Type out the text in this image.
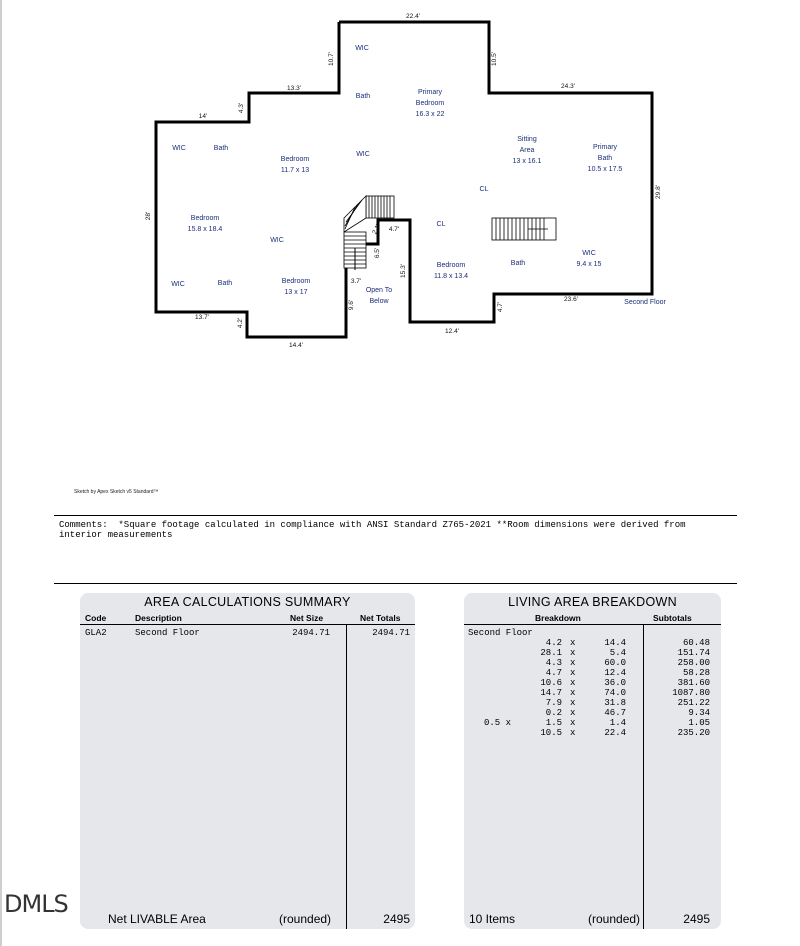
WIC
Bath
Primary
Bedroom
16.3 x 22
WIC	Bath
Bedroom
11.7 x 13
WIC
Sitting
Area
13 x 16.1
Primary
Bath
10.5 x 17.5
CL
Bedroom
15.8 x 18.4
WIC
CL
Bedroom
11.8 x 13.4
Bath
WIC
9.4 x 15
WIC	Bath	Bedroom
13 x 17	Open To
Below	Second Floor
22.4'
10.7'	10.5'
13.3'
4.3'
24.3'
14'
28'
29.8'
2.1' 4.7'
6.5'
15.3'
3.7'
9.6'
13.7'
4.2'
14.4'
12.4'
4.7'
23.6'
Sketch by Apex Sketch v5 Standard™
Comments:  *Square footage calculated in compliance with ANSI Standard Z765-2021 **Room dimensions were derived from
interior measurements
AREA CALCULATIONS SUMMARY
Code	Description	Net Size	Net Totals
GLA2	Second Floor	2494.71	2494.71
Net LIVABLE Area	(rounded)	2495
LIVING AREA BREAKDOWN
Breakdown	Subtotals
Second Floor
4.2 x	14.4	60.48
28.1 x	5.4	151.74
4.3 x	60.0	258.00
4.7 x	12.4	58.28
10.6 x	36.0	381.60
14.7 x	74.0	1087.80
7.9 x	31.8	251.22
0.2 x	46.7	9.34
0.5 x	1.5 x	1.4	1.05
10.5 x	22.4	235.20
10 Items	(rounded)	2495
DMLS
